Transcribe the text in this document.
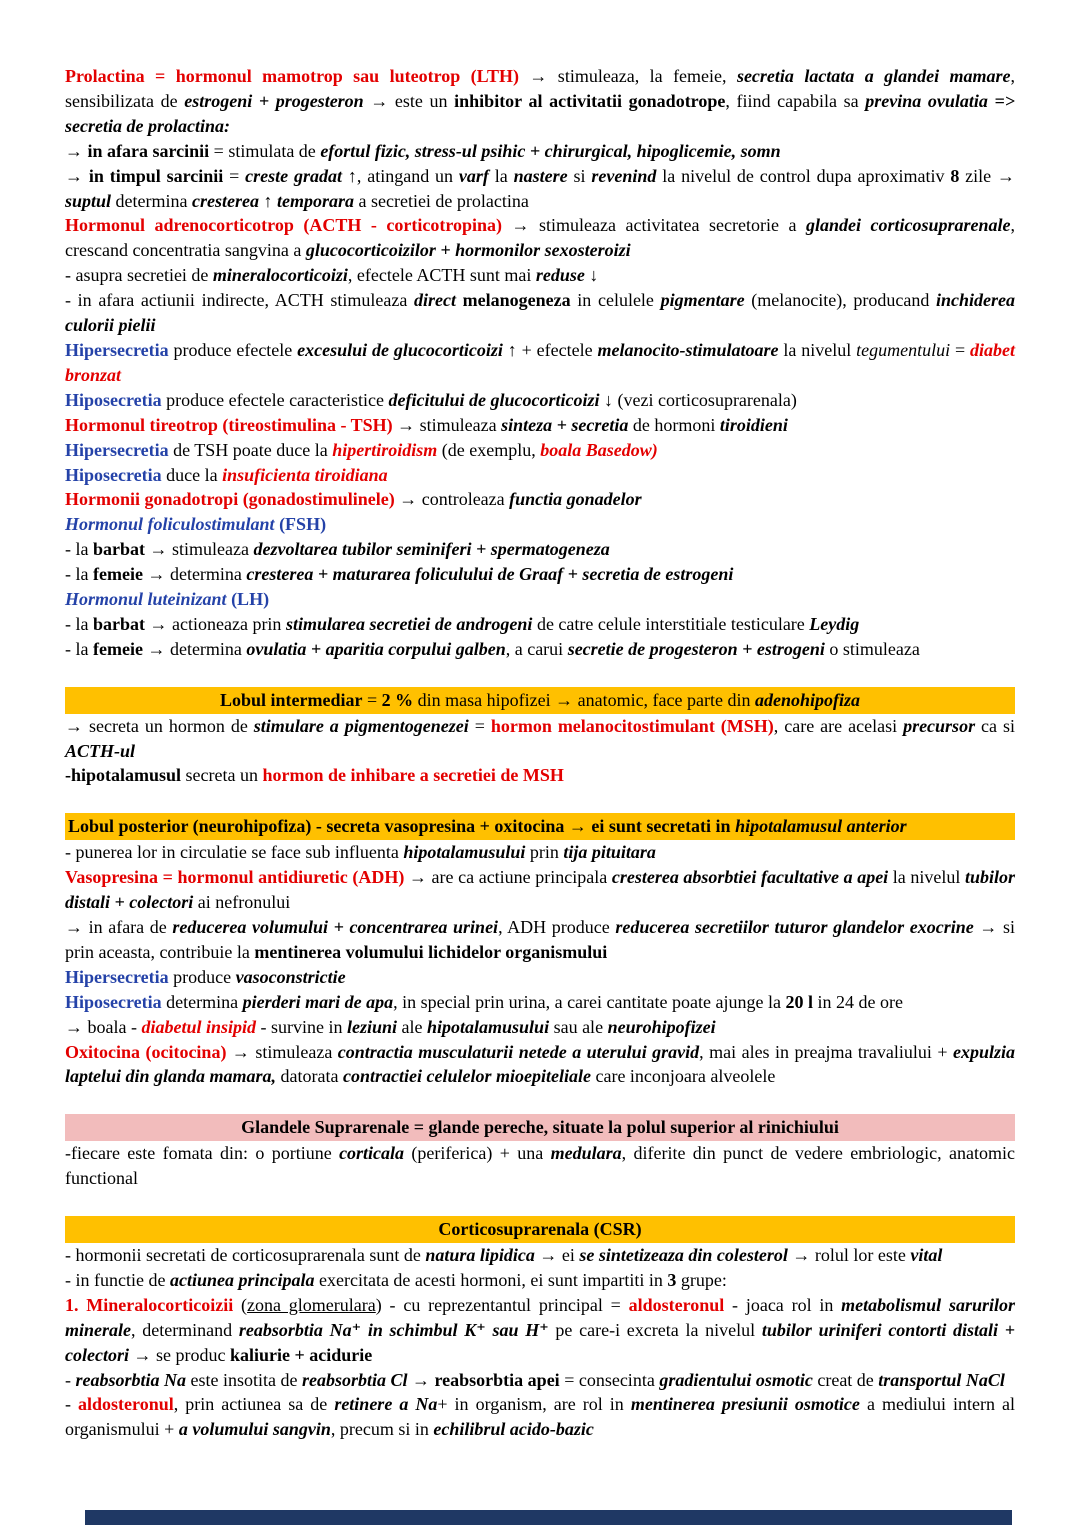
Prolactina = hormonul mamotrop sau luteotrop (LTH) → stimuleaza, la femeie, secretia lactata a glandei mamare, sensibilizata de estrogeni + progesteron → este un inhibitor al activitatii gonadotrope, fiind capabila sa previna ovulatia => secretia de prolactina:
→ in afara sarcinii = stimulata de efortul fizic, stress-ul psihic + chirurgical, hipoglicemie, somn
→ in timpul sarcinii = creste gradat ↑, atingand un varf la nastere si revenind la nivelul de control dupa aproximativ 8 zile → suptul determina cresterea ↑ temporara a secretiei de prolactina
Hormonul adrenocorticotrop (ACTH - corticotropina) → stimuleaza activitatea secretorie a glandei corticosuprarenale, crescand concentratia sangvina a glucocorticoizilor + hormonilor sexosteroizi
- asupra secretiei de mineralocorticoizi, efectele ACTH sunt mai reduse ↓
- in afara actiunii indirecte, ACTH stimuleaza direct melanogeneza in celulele pigmentare (melanocite), producand inchiderea culorii pielii
Hipersecretia produce efectele excesului de glucocorticoizi ↑ + efectele melanocito-stimulatoare la nivelul tegumentului = diabet bronzat
Hiposecretia produce efectele caracteristice deficitului de glucocorticoizi ↓ (vezi corticosuprarenala)
Hormonul tireotrop (tireostimulina - TSH) → stimuleaza sinteza + secretia de hormoni tiroidieni
Hipersecretia de TSH poate duce la hipertiroidism (de exemplu, boala Basedow)
Hiposecretia duce la insuficienta tiroidiana
Hormonii gonadotropi (gonadostimulinele) → controleaza functia gonadelor
Hormonul foliculostimulant (FSH)
- la barbat → stimuleaza dezvoltarea tubilor seminiferi + spermatogeneza
- la femeie → determina cresterea + maturarea foliculului de Graaf + secretia de estrogeni
Hormonul luteinizant (LH)
- la barbat → actioneaza prin stimularea secretiei de androgeni de catre celule interstitiale testiculare Leydig
- la femeie → determina ovulatia + aparitia corpului galben, a carui secretie de progesteron + estrogeni o stimuleaza
Lobul intermediar = 2 % din masa hipofizei → anatomic, face parte din adenohipofiza
→ secreta un hormon de stimulare a pigmentogenezei = hormon melanocitostimulant (MSH), care are acelasi precursor ca si ACTH-ul
-hipotalamusul secreta un hormon de inhibare a secretiei de MSH
Lobul posterior (neurohipofiza) - secreta vasopresina + oxitocina → ei sunt secretati in hipotalamusul anterior
- punerea lor in circulatie se face sub influenta hipotalamusului prin tija pituitara
Vasopresina = hormonul antidiuretic (ADH) → are ca actiune principala cresterea absorbtiei facultative a apei la nivelul tubilor distali + colectori ai nefronului
→ in afara de reducerea volumului + concentrarea urinei, ADH produce reducerea secretiilor tuturor glandelor exocrine → si prin aceasta, contribuie la mentinerea volumului lichidelor organismului
Hipersecretia produce vasoconstrictie
Hiposecretia determina pierderi mari de apa, in special prin urina, a carei cantitate poate ajunge la 20 l in 24 de ore
→ boala - diabetul insipid - survine in leziuni ale hipotalamusului sau ale neurohipofizei
Oxitocina (ocitocina) → stimuleaza contractia musculaturii netede a uterului gravid, mai ales in preajma travaliului + expulzia laptelui din glanda mamara, datorata contractiei celulelor mioepiteliale care inconjoara alveolele
Glandele Suprarenale = glande pereche, situate la polul superior al rinichiului
-fiecare este fomata din: o portiune corticala (periferica) + una medulara, diferite din punct de vedere embriologic, anatomic functional
Corticosuprarenala (CSR)
- hormonii secretati de corticosuprarenala sunt de natura lipidica → ei se sintetizeaza din colesterol → rolul lor este vital
- in functie de actiunea principala exercitata de acesti hormoni, ei sunt impartiti in 3 grupe:
1. Mineralocorticoizii (zona glomerulara) - cu reprezentantul principal = aldosteronul - joaca rol in metabolismul sarurilor minerale, determinand reabsorbtia Na⁺ in schimbul K⁺ sau H⁺ pe care-i excreta la nivelul tubilor uriniferi contorti distali + colectori → se produc kaliurie + acidurie
- reabsorbtia Na este insotita de reabsorbtia Cl → reabsorbtia apei = consecinta gradientului osmotic creat de transportul NaCl
- aldosteronul, prin actiunea sa de retinere a Na+ in organism, are rol in mentinerea presiunii osmotice a mediului intern al organismului + a volumului sangvin, precum si in echilibrul acido-bazic
